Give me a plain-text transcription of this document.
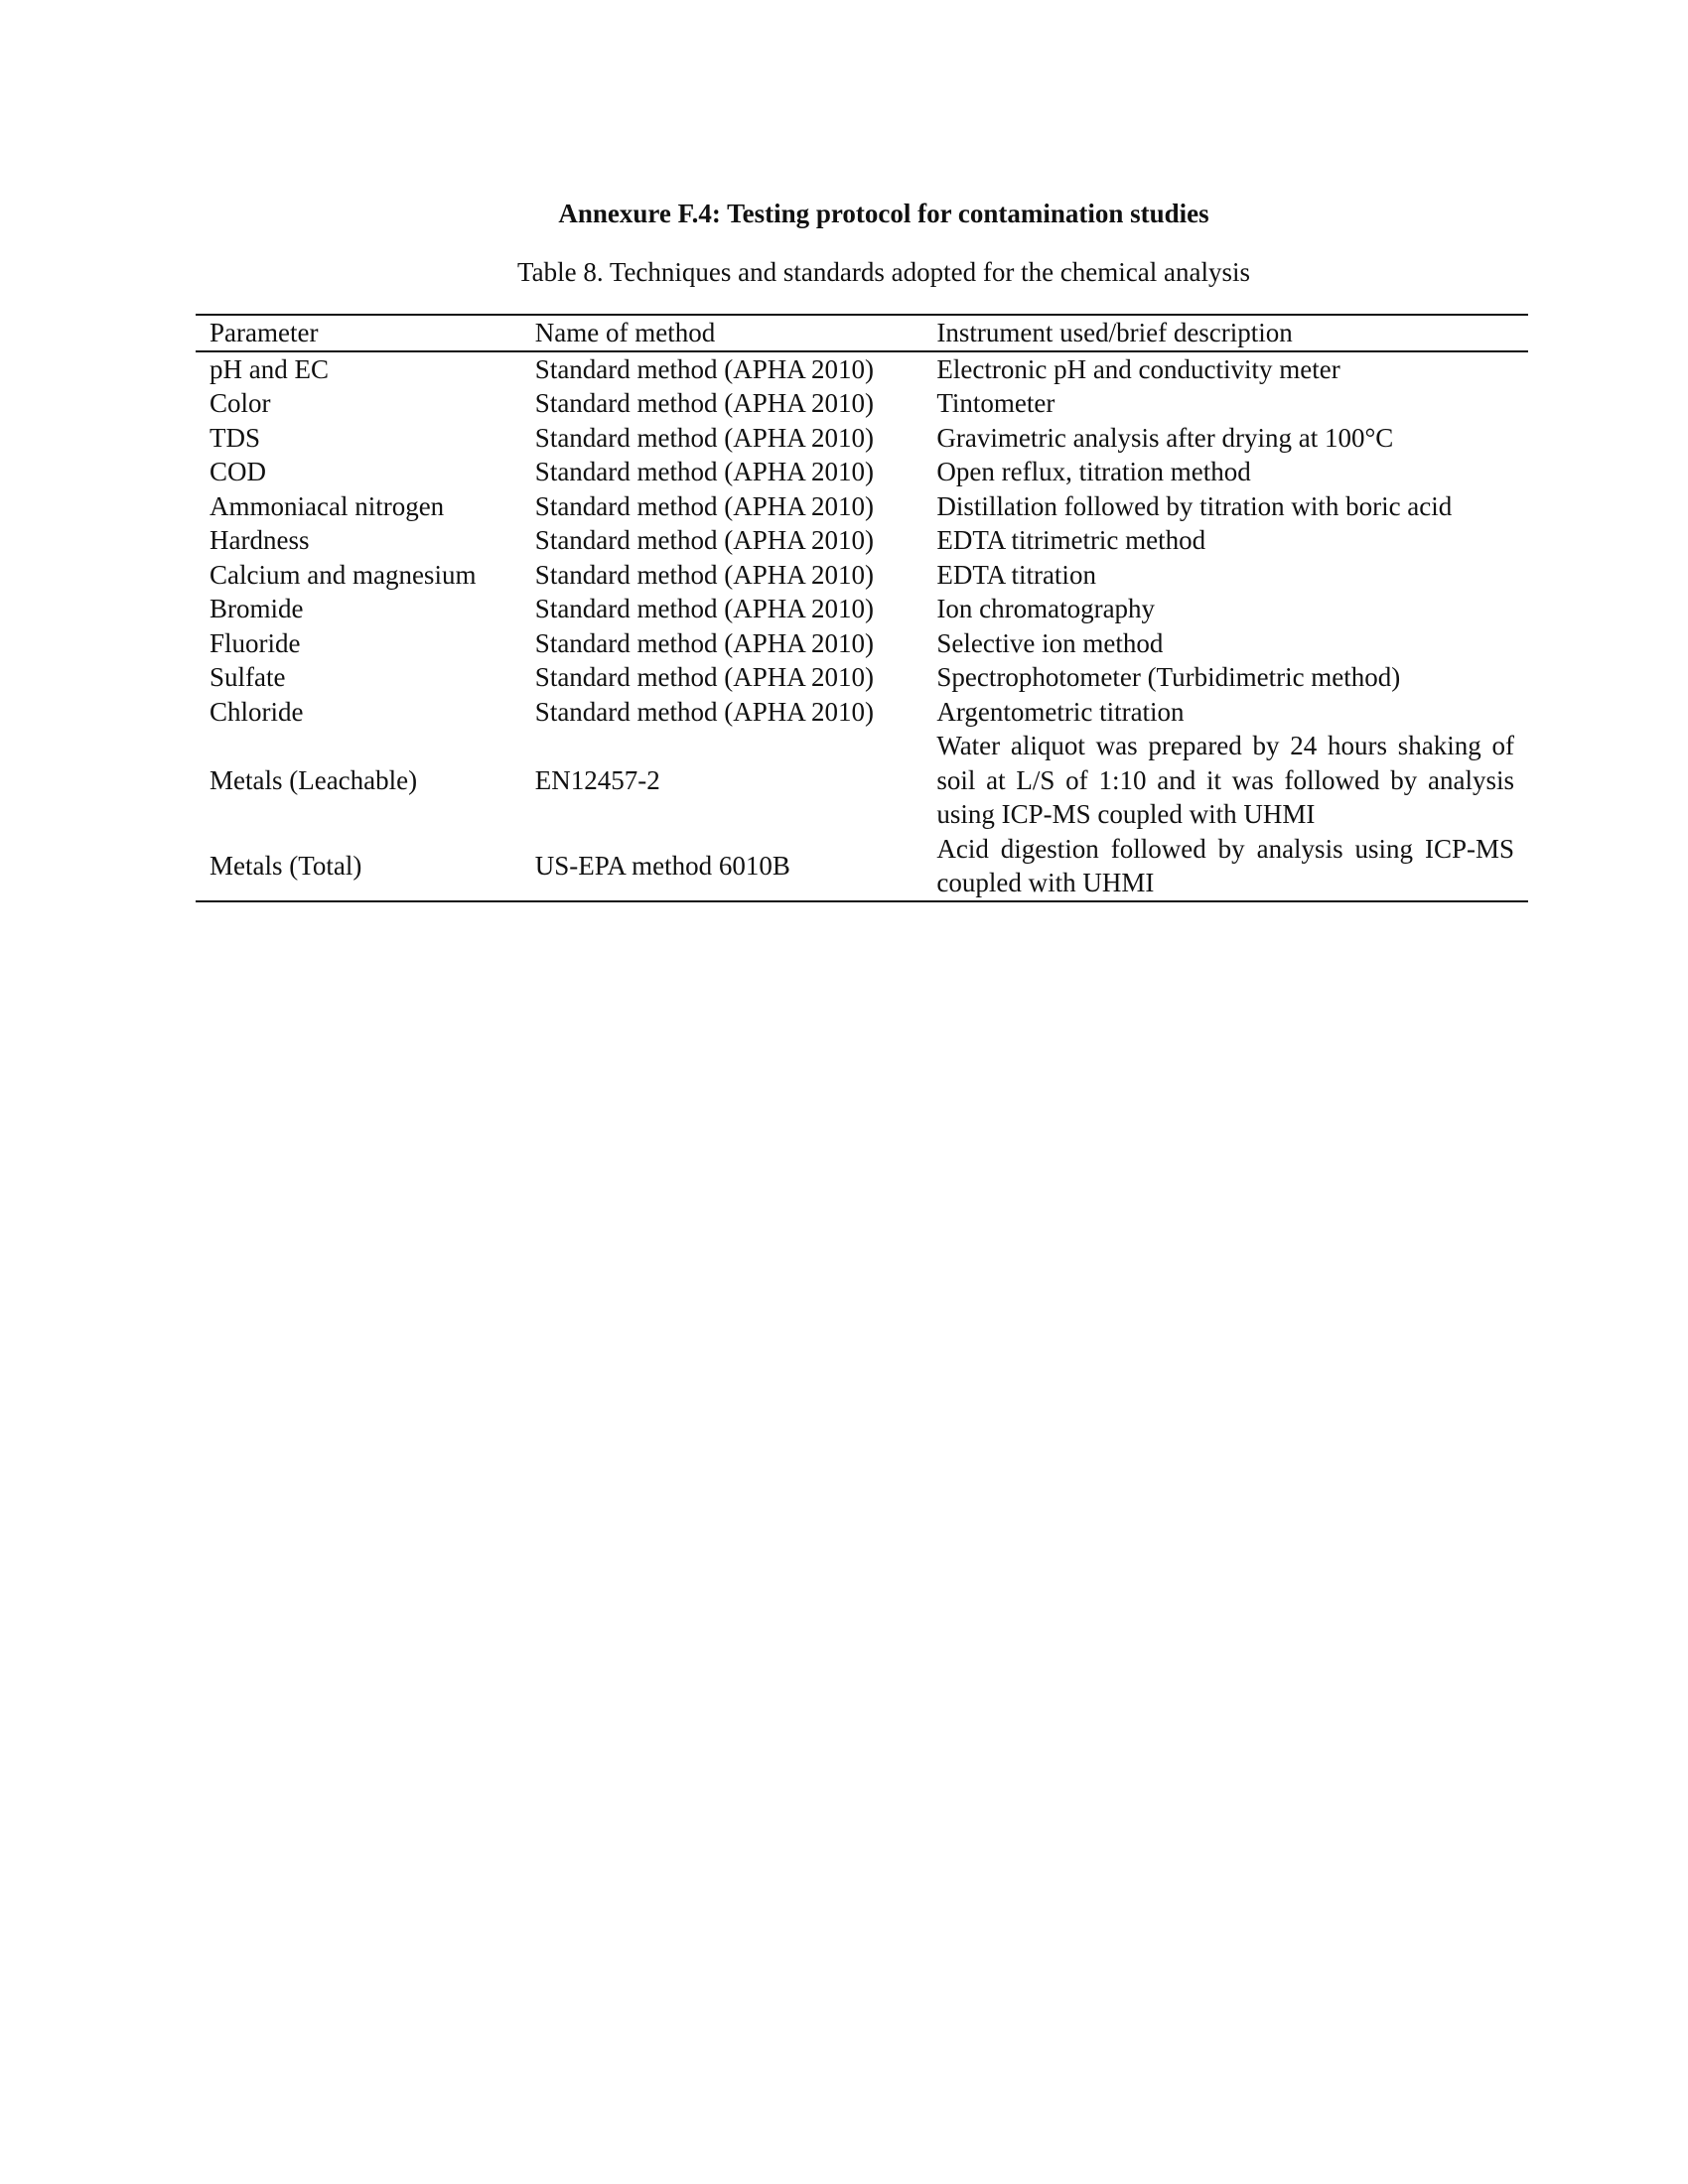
Annexure F.4: Testing protocol for contamination studies
Table 8. Techniques and standards adopted for the chemical analysis
Parameter	Name of method	Instrument used/brief description
pH and EC	Standard method (APHA 2010)	Electronic pH and conductivity meter
Color	Standard method (APHA 2010)	Tintometer
TDS	Standard method (APHA 2010)	Gravimetric analysis after drying at 100°C
COD	Standard method (APHA 2010)	Open reflux, titration method
Ammoniacal nitrogen	Standard method (APHA 2010)	Distillation followed by titration with boric acid
Hardness	Standard method (APHA 2010)	EDTA titrimetric method
Calcium and magnesium	Standard method (APHA 2010)	EDTA titration
Bromide	Standard method (APHA 2010)	Ion chromatography
Fluoride	Standard method (APHA 2010)	Selective ion method
Sulfate	Standard method (APHA 2010)	Spectrophotometer (Turbidimetric method)
Chloride	Standard method (APHA 2010)	Argentometric titration
Metals (Leachable)	EN12457-2	Water aliquot was prepared by 24 hours shaking of soil at L/S of 1:10 and it was followed by analysis using ICP-MS coupled with UHMI
Metals (Total)	US-EPA method 6010B	Acid digestion followed by analysis using ICP-MS coupled with UHMI
